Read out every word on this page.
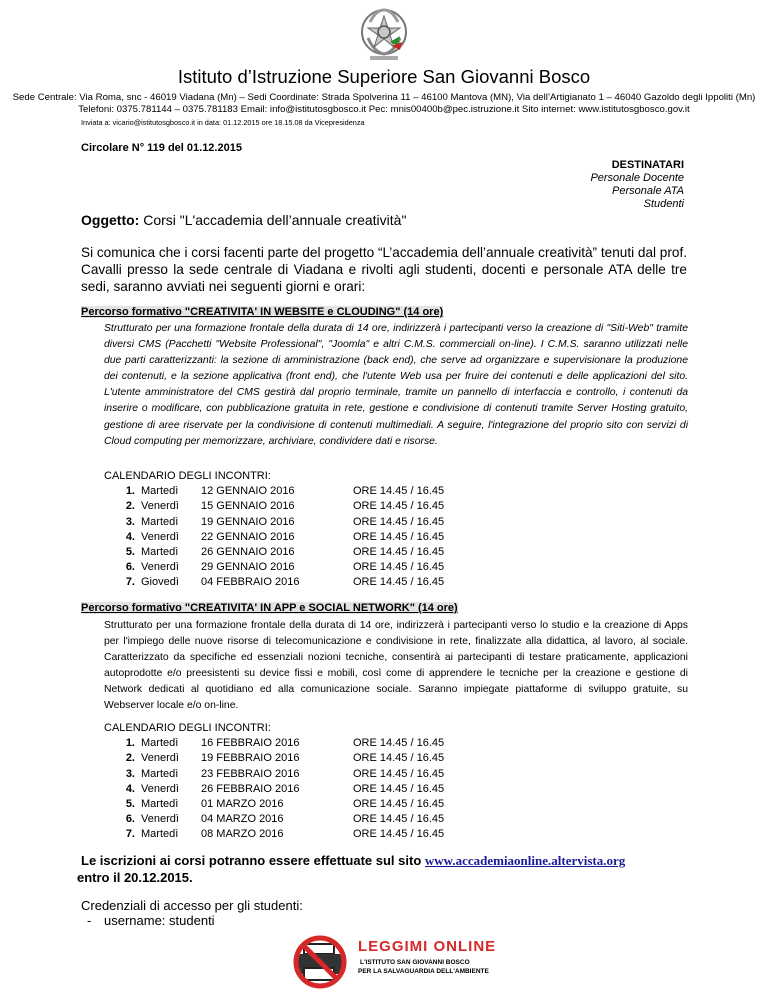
Istituto d’Istruzione Superiore San Giovanni Bosco
Sede Centrale: Via Roma, snc - 46019 Viadana (Mn) – Sedi Coordinate: Strada Spolverina 11 – 46100 Mantova (MN), Via dell’Artigianato 1 – 46040 Gazoldo degli Ippoliti (Mn)
Telefoni: 0375.781144 – 0375.781183 Email: info@istitutosgbosco.it Pec: mnis00400b@pec.istruzione.it Sito internet: www.istitutosgbosco.gov.it
Inviata a: vicario@istitutosgbosco.it in data: 01.12.2015 ore 18.15.08 da Vicepresidenza
Circolare N° 119 del 01.12.2015
DESTINATARI
Personale Docente
Personale ATA
Studenti
Oggetto: Corsi "L'accademia dell’annuale creatività"
Si comunica che i corsi facenti parte del progetto “L’accademia dell’annuale creatività” tenuti dal prof. Cavalli presso la sede centrale di Viadana e rivolti agli studenti, docenti e personale ATA delle tre sedi, saranno avviati nei seguenti giorni e orari:
Percorso formativo "CREATIVITA' IN WEBSITE e CLOUDING" (14 ore)
Strutturato per una formazione frontale della durata di 14 ore, indirizzerà i partecipanti verso la creazione di "Siti-Web" tramite diversi CMS (Pacchetti "Website Professional", "Joomla" e altri C.M.S. commerciali on-line). I C.M.S. saranno utilizzati nelle due parti caratterizzanti: la sezione di amministrazione (back end), che serve ad organizzare e supervisionare la produzione dei contenuti, e la sezione applicativa (front end), che l'utente Web usa per fruire dei contenuti e delle applicazioni del sito. L'utente amministratore del CMS gestirà dal proprio terminale, tramite un pannello di interfaccia e controllo, i contenuti da inserire o modificare, con pubblicazione gratuita in rete, gestione e condivisione di contenuti tramite Server Hosting gratuito, gestione di aree riservate per la condivisione di contenuti multimediali. A seguire, l'integrazione del proprio sito con servizi di Cloud computing per memorizzare, archiviare, condividere dati e risorse.
CALENDARIO DEGLI INCONTRI:
1. Martedì 12 GENNAIO 2016	ORE 14.45 / 16.45
2. Venerdì 15 GENNAIO 2016	ORE 14.45 / 16.45
3. Martedì 19 GENNAIO 2016	ORE 14.45 / 16.45
4. Venerdì 22 GENNAIO 2016	ORE 14.45 / 16.45
5. Martedì 26 GENNAIO 2016	ORE 14.45 / 16.45
6. Venerdì 29 GENNAIO 2016	ORE 14.45 / 16.45
7. Giovedì 04 FEBBRAIO 2016	ORE 14.45 / 16.45
Percorso formativo "CREATIVITA' IN APP e SOCIAL NETWORK" (14 ore)
Strutturato per una formazione frontale della durata di 14 ore, indirizzerà i partecipanti verso lo studio e la creazione di Apps per l'impiego delle nuove risorse di telecomunicazione e condivisione in rete, finalizzate alla didattica, al lavoro, al sociale. Caratterizzato da specifiche ed essenziali nozioni tecniche, consentirà ai partecipanti di testare praticamente, applicazioni autoprodotte e/o preesistenti su device fissi e mobili, così come di apprendere le tecniche per la creazione e gestione di Network dedicati al quotidiano ed alla comunicazione sociale. Saranno impiegate piattaforme di sviluppo gratuite, su Webserver locale e/o on-line.
CALENDARIO DEGLI INCONTRI:
1. Martedì 16 FEBBRAIO 2016	ORE 14.45 / 16.45
2. Venerdì 19 FEBBRAIO 2016	ORE 14.45 / 16.45
3. Martedì 23 FEBBRAIO 2016	ORE 14.45 / 16.45
4. Venerdì 26 FEBBRAIO 2016	ORE 14.45 / 16.45
5. Martedì 01 MARZO 2016	ORE 14.45 / 16.45
6. Venerdì 04 MARZO 2016	ORE 14.45 / 16.45
7. Martedì 08 MARZO 2016	ORE 14.45 / 16.45
Le iscrizioni ai corsi potranno essere effettuate sul sito www.accademiaonline.altervista.org
entro il 20.12.2015.
Credenziali di accesso per gli studenti:
- username: studenti
LEGGIMI ONLINE
L'ISTITUTO SAN GIOVANNI BOSCO
PER LA SALVAGUARDIA DELL'AMBIENTE
